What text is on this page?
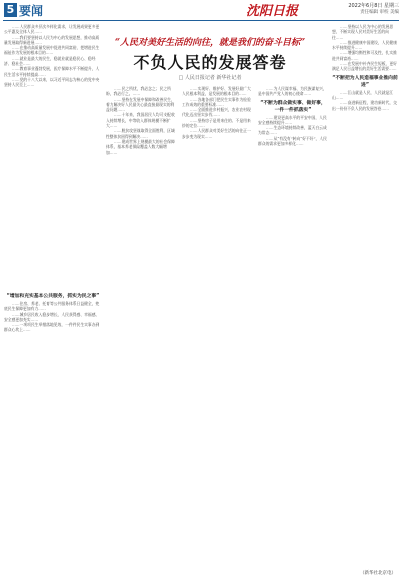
5 要闻	沈阳日报	2022年6月8日 星期三
责任编辑 审校 美编
“人民对美好生活的向往，就是我们的奋斗目标”
不负人民的发展答卷
□ 人民日报记者 新华社记者

……人民群众多层次多样化需求，让发展成果更多更公平惠及全体人民……

……我们要坚持以人民为中心的发展思想，推动高质量发展取得新进展……

……在推动高质量发展中促进共同富裕，把增进民生福祉作为发展的根本目的……

……就业是最大的民生，稳就业就是稳民心、稳经济、稳社会……

……教育事业蓬勃发展，医疗保障水平不断提升，人民生活水平持续提高……

……党的十八大以来，以习近平同志为核心的党中央坚持人民至上……

“增加和充实基本公共服务，抓实为民之事”

……住房、养老、托育等公共服务体系日益健全，兜底民生保障更加有力……

……城乡居民收入稳步增长，人民获得感、幸福感、安全感更加充实……

……一项项民生举措落地见效，一件件民生实事办到群众心坎上……

……民之所忧，我必念之；民之所盼，我必行之。……

……坚持在发展中保障和改善民生，着力解决好人民最关心最直接最现实的利益问题……

……十年来，我国居民人均可支配收入持续增长，中等收入群体规模不断扩大……

……脱贫攻坚战取得全面胜利，区域性整体贫困得到解决……

……建成世界上规模最大的社会保障体系，基本养老保险覆盖人数大幅增加……

……实现好、维护好、发展好最广大人民根本利益，是发展的根本目的……

……各地各部门把民生实事作为检验工作成效的重要标准……

……全面推进乡村振兴，农业农村现代化迈出坚实步伐……

……坚持房子是用来住的、不是用来炒的定位……

……人民群众对美好生活的向往正一步步变为现实……

……为人民谋幸福、为民族谋复兴，是中国共产党人的初心使命……

“不断为群众做实事、做好事，一件一件抓落实”

……建设更高水平的平安中国，人民安全感持续提升……

……生态环境持续改善，蓝天白云成为常态……

……从“有没有”转向“好不好”，人民群众的需求更加多样化……

……坚持以人民为中心的发展思想，不断实现人民对美好生活的向往……

……推进健康中国建设，人民健康水平持续提升……

……增强均衡性和可及性，扎实推进共同富裕……

……在发展中补齐民生短板，更好满足人民日益增长的美好生活需要……

“不断把为人民造福事业推向前进”

……江山就是人民，人民就是江山……

……奋进新征程，建功新时代，交出一份份不负人民的发展答卷……

（新华社北京电）
